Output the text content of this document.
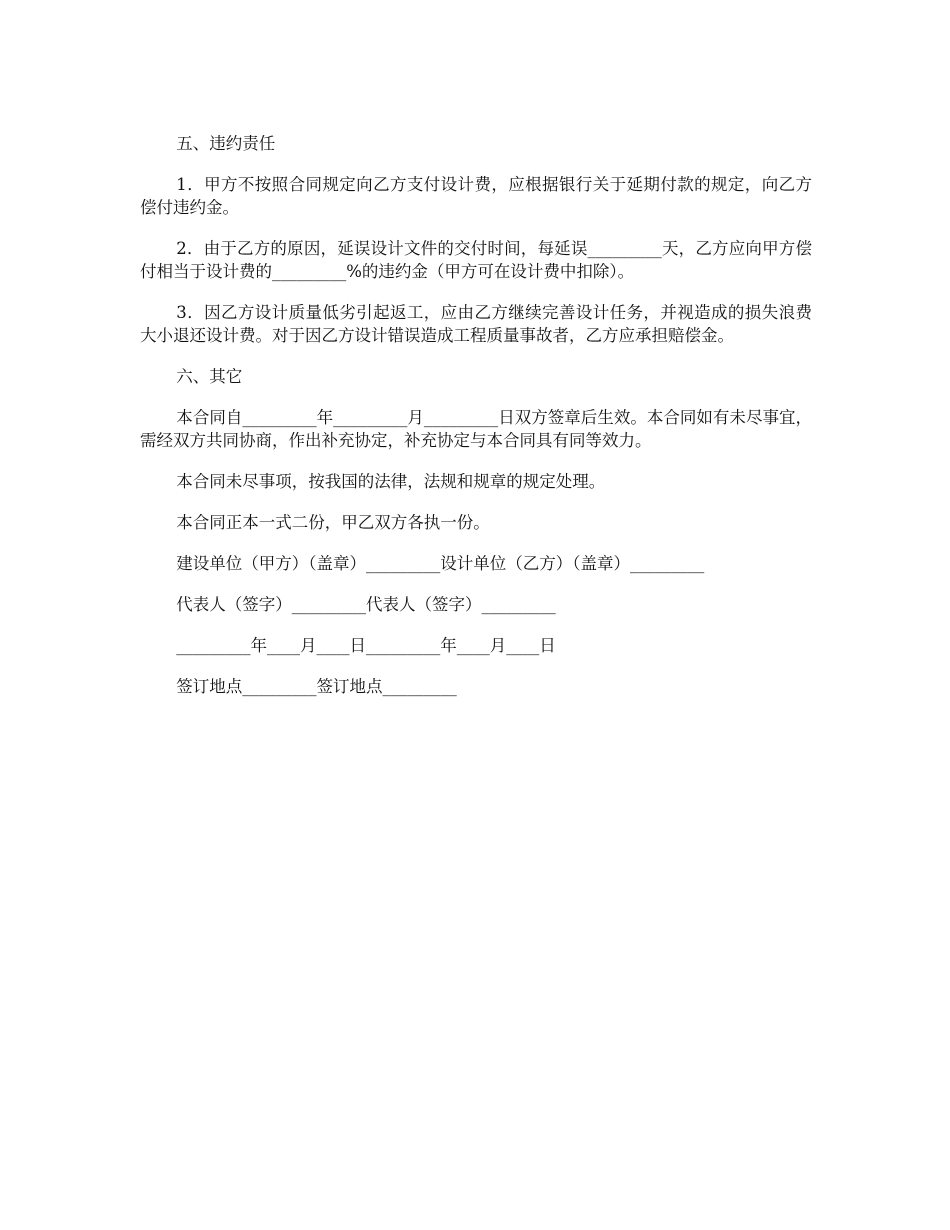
五、违约责任

1．甲方不按照合同规定向乙方支付设计费，应根据银行关于延期付款的规定，向乙方偿付违约金。

2．由于乙方的原因，延误设计文件的交付时间，每延误_________天，乙方应向甲方偿付相当于设计费的_________%的违约金（甲方可在设计费中扣除）。

3．因乙方设计质量低劣引起返工，应由乙方继续完善设计任务，并视造成的损失浪费大小退还设计费。对于因乙方设计错误造成工程质量事故者，乙方应承担赔偿金。

六、其它

本合同自_________年_________月_________日双方签章后生效。本合同如有未尽事宜，需经双方共同协商，作出补充协定，补充协定与本合同具有同等效力。

本合同未尽事项，按我国的法律，法规和规章的规定处理。

本合同正本一式二份，甲乙双方各执一份。

建设单位（甲方）（盖章）_________设计单位（乙方）（盖章）_________

代表人（签字）_________代表人（签字）_________

_________年____月____日_________年____月____日

签订地点_________签订地点_________
